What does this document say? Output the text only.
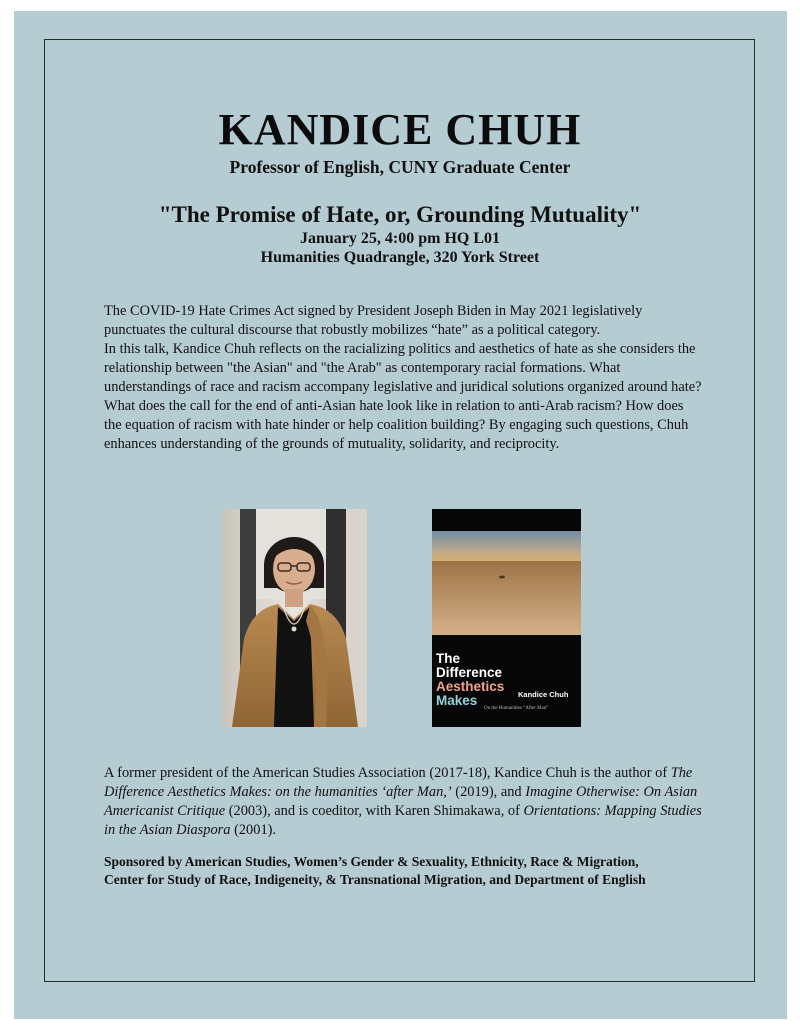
KANDICE CHUH
Professor of English, CUNY Graduate Center
"The Promise of Hate, or, Grounding Mutuality"
January 25, 4:00 pm HQ L01
Humanities Quadrangle, 320 York Street

The COVID-19 Hate Crimes Act signed by President Joseph Biden in May 2021 legislatively punctuates the cultural discourse that robustly mobilizes “hate” as a political category.

In this talk, Kandice Chuh reflects on the racializing politics and aesthetics of hate as she considers the relationship between "the Asian" and "the Arab" as contemporary racial formations. What understandings of race and racism accompany legislative and juridical solutions organized around hate? What does the call for the end of anti-Asian hate look like in relation to anti-Arab racism? How does the equation of racism with hate hinder or help coalition building? By engaging such questions, Chuh enhances understanding of the grounds of mutuality, solidarity, and reciprocity.

The
Difference
Aesthetics
Makes	Kandice Chuh
On the Humanities “After Man”
A former president of the American Studies Association (2017-18), Kandice Chuh is the author of The Difference Aesthetics Makes: on the humanities ‘after Man,’ (2019), and Imagine Otherwise: On Asian Americanist Critique (2003), and is coeditor, with Karen Shimakawa, of Orientations: Mapping Studies in the Asian Diaspora (2001).
Sponsored by American Studies, Women’s Gender & Sexuality, Ethnicity, Race & Migration, Center for Study of Race, Indigeneity, & Transnational Migration, and Department of English
